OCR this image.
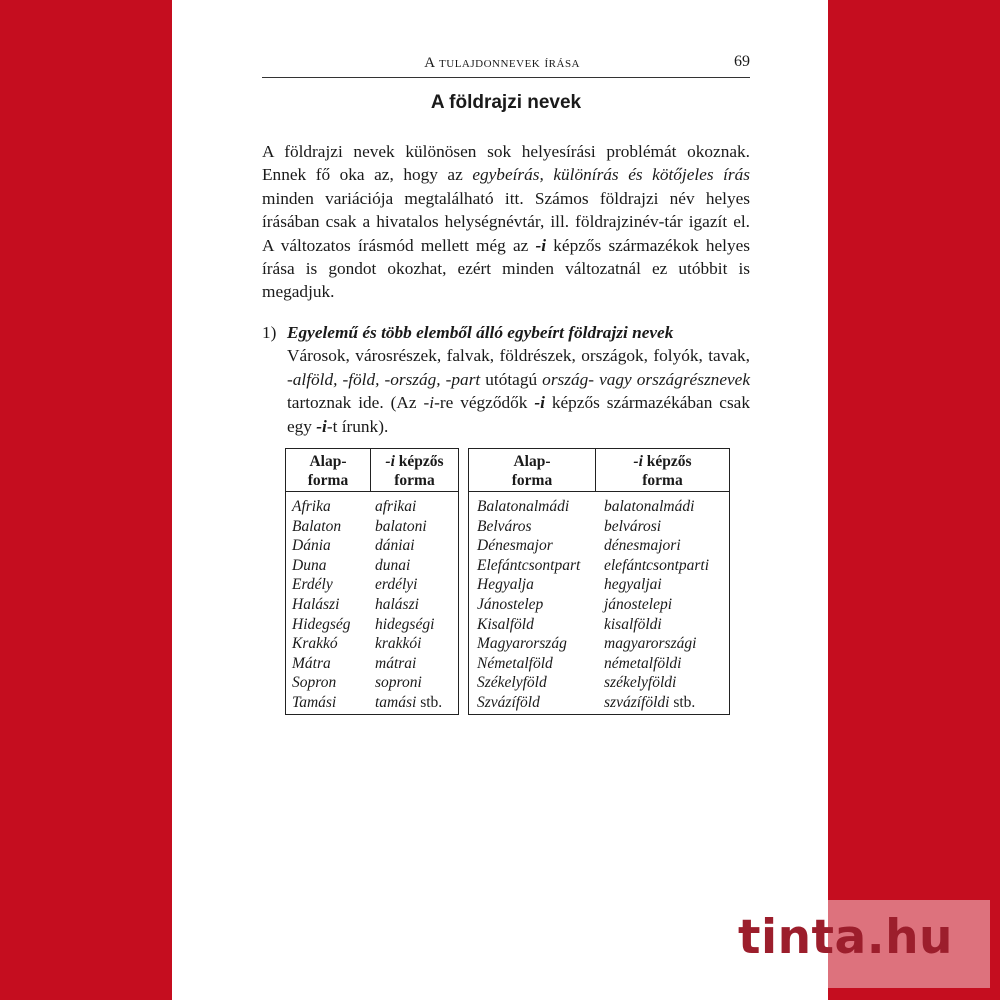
A tulajdonnevek írása	69
A földrajzi nevek

A földrajzi nevek különösen sok helyesírási problémát okoznak. Ennek fő oka az, hogy az egybeírás, különírás és kötőjeles írás minden variációja megtalálható itt. Számos földrajzi név helyes írásában csak a hivatalos helységnévtár, ill. földrajzinév-tár igazít el. A változatos írásmód mellett még az -i képzős származékok helyes írása is gondot okozhat, ezért minden változatnál ez utóbbit is megadjuk.

1) Egyelemű és több elemből álló egybeírt földrajzi nevek
Városok, városrészek, falvak, földrészek, országok, folyók, tavak, -alföld, -föld, -ország, -part utótagú ország- vagy országrésznevek tartoznak ide. (Az -i-re végződők -i képzős származékában csak egy -i-t írunk).

Alap-
forma
-i képzős
forma
Afrika	afrikai
Balaton balatoni
Dánia	dániai
Duna	dunai
Erdély	erdélyi
Halászi halászi
Hidegség hidegségi
Krakkó krakkói
Mátra	mátrai
Sopron	soproni
Tamási	tamási stb.
Alap-
forma
-i képzős
forma
Balatonalmádi balatonalmádi
Belváros	belvárosi
Dénesmajor	dénesmajori
Elefántcsontpart elefántcsontparti
Hegyalja	hegyaljai
Jánostelep	jánostelepi
Kisalföld	kisalföldi
Magyarország magyarországi
Németalföld	németalföldi
Székelyföld	székelyföldi
Szvázíföld	szvázíföldi stb.
tinta.hu
